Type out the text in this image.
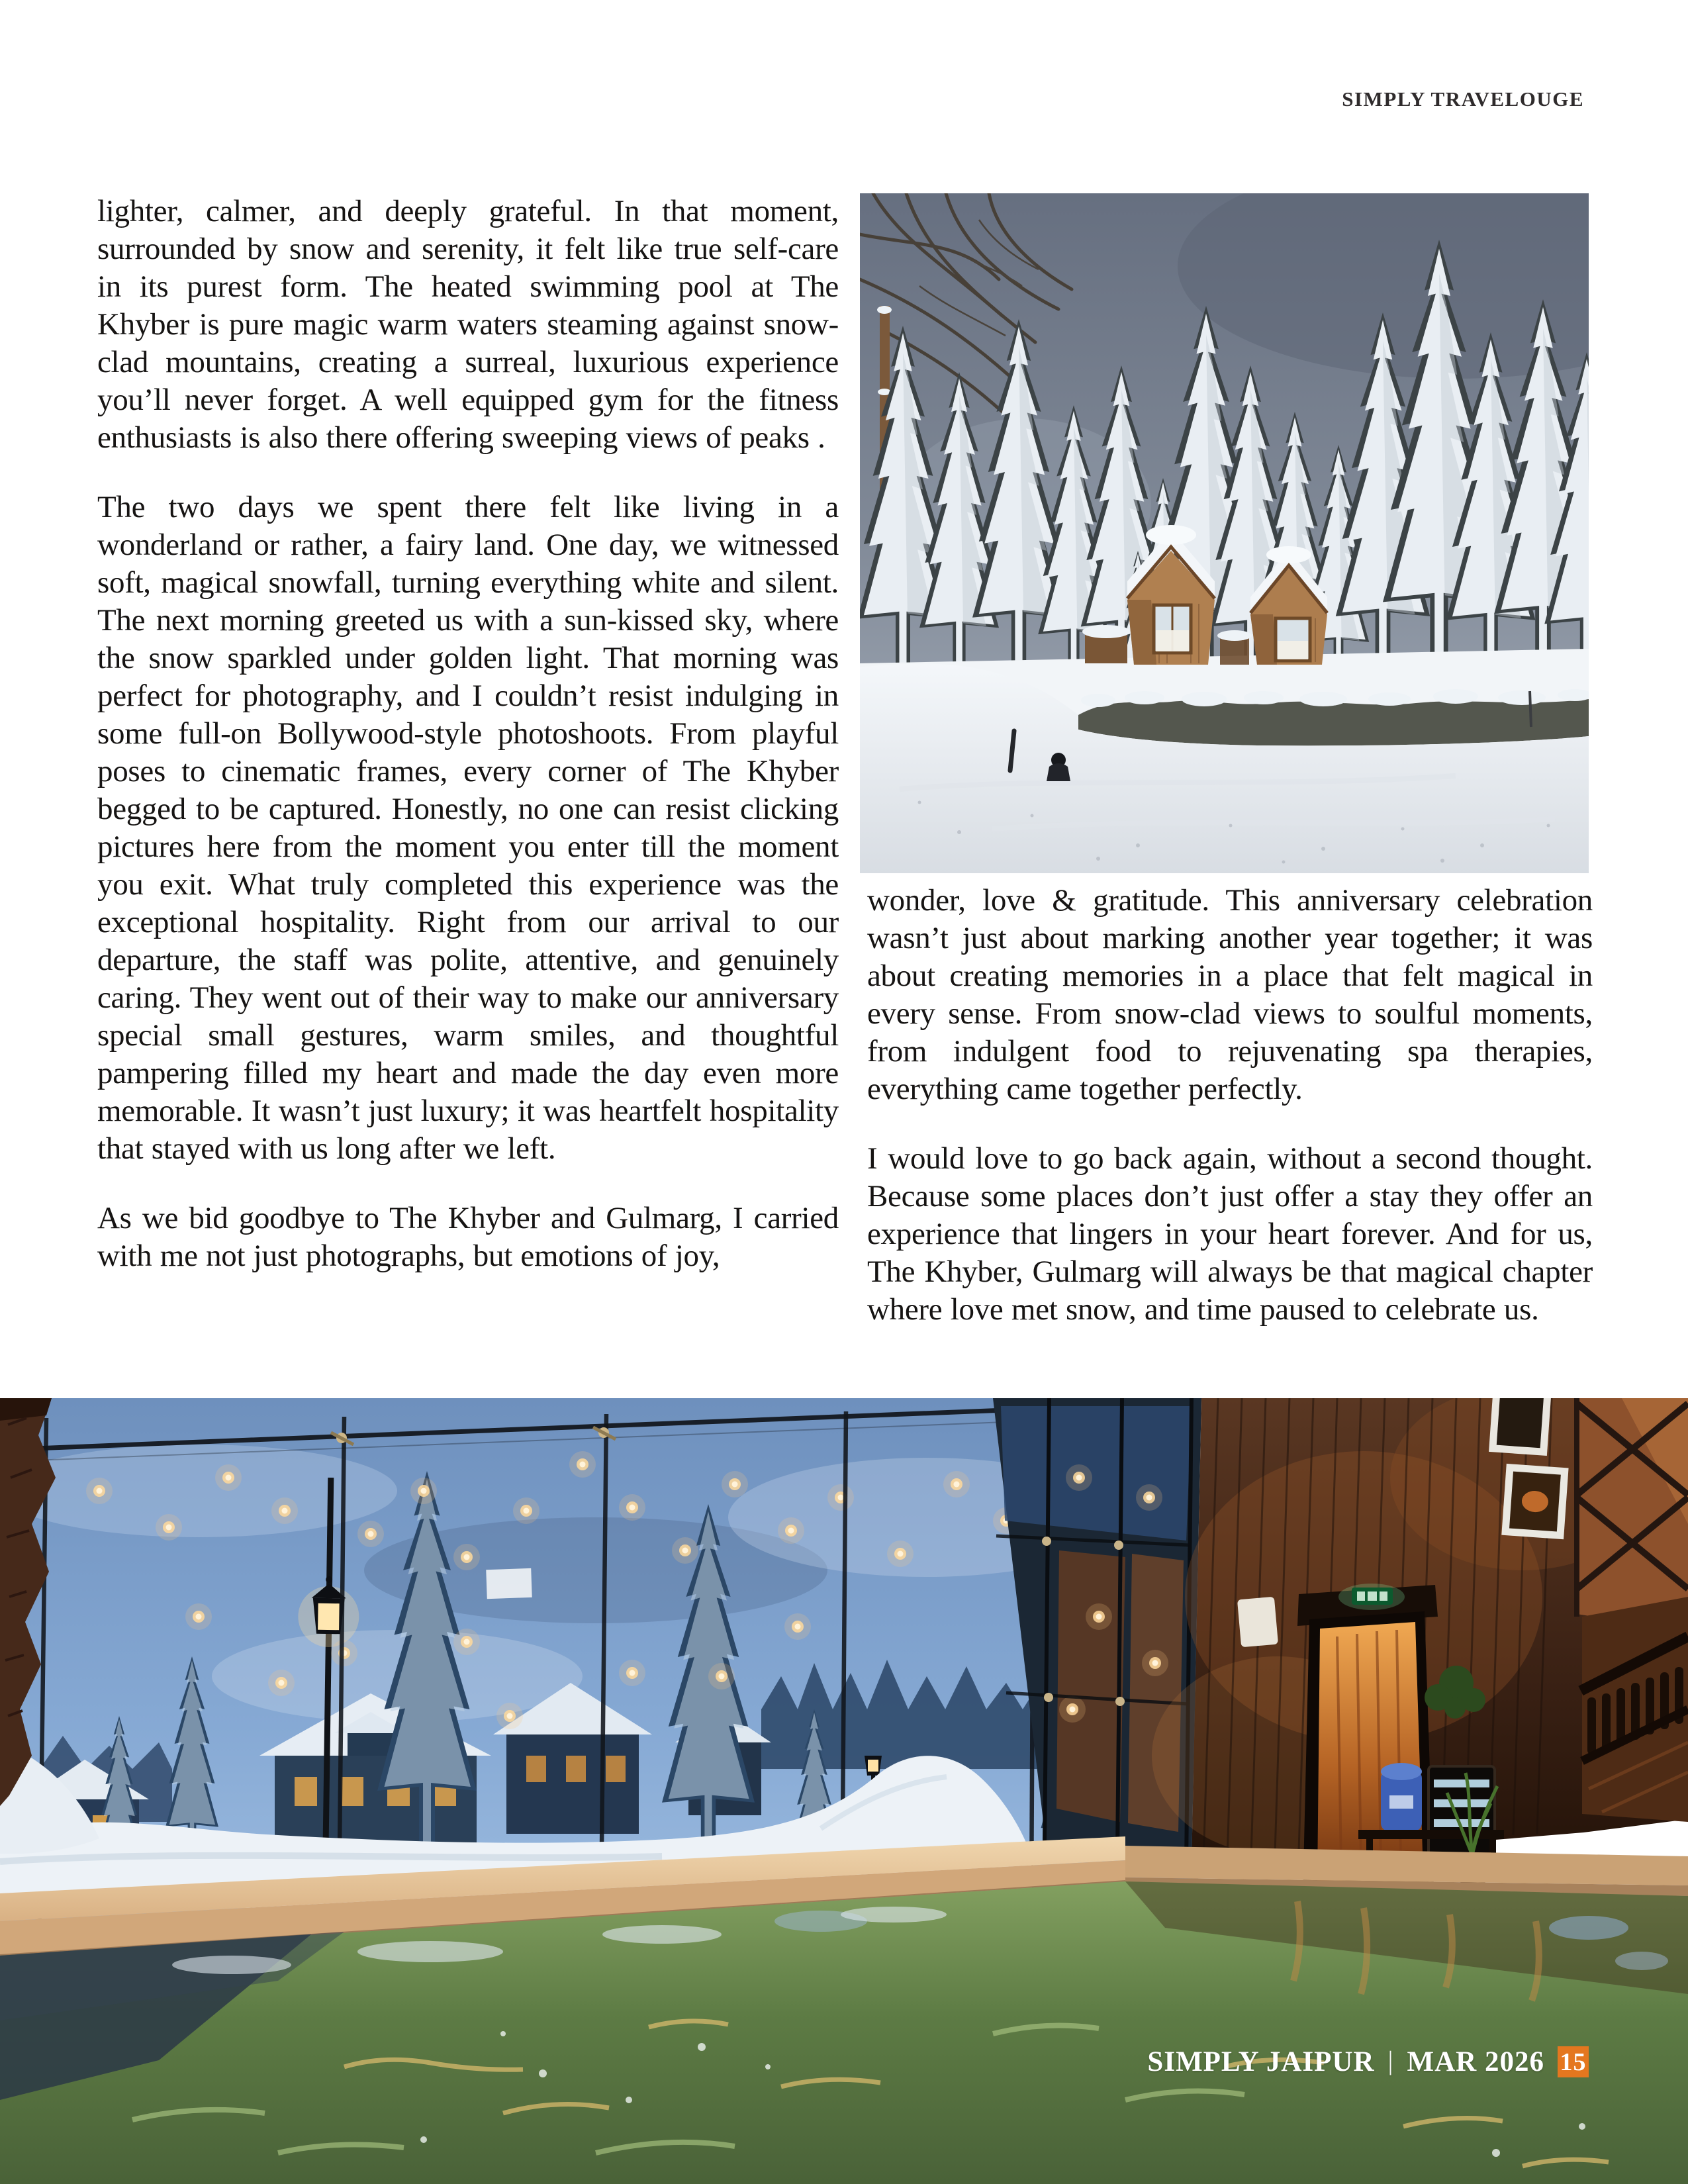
SIMPLY TRAVELOUGE

lighter, calmer, and deeply grateful. In that moment, surrounded by snow and serenity, it felt like true self-care in its purest form. The heated swimming pool at The Khyber is pure magic warm waters steaming against snow-clad mountains, creating a surreal, luxurious experience you’ll never forget. A well equipped gym for the fitness enthusiasts is also there offering sweeping views of peaks .

The two days we spent there felt like living in a wonderland or rather, a fairy land. One day, we witnessed soft, magical snowfall, turning everything white and silent. The next morning greeted us with a sun-kissed sky, where the snow sparkled under golden light. That morning was perfect for photography, and I couldn’t resist indulging in some full-on Bollywood-style photoshoots. From playful poses to cinematic frames, every corner of The Khyber begged to be captured. Honestly, no one can resist clicking pictures here from the moment you enter till the moment you exit. What truly completed this experience was the exceptional hospitality. Right from our arrival to our departure, the staff was polite, attentive, and genuinely caring. They went out of their way to make our anniversary special small gestures, warm smiles, and thoughtful pampering filled my heart and made the day even more memorable. It wasn’t just luxury; it was heartfelt hospitality that stayed with us long after we left.

As we bid goodbye to The Khyber and Gulmarg, I carried with me not just photographs, but emotions of joy,

wonder, love & gratitude. This anniversary celebration wasn’t just about marking another year together; it was about creating memories in a place that felt magical in every sense. From snow-clad views to soulful moments, from indulgent food to rejuvenating spa therapies, everything came together perfectly.

I would love to go back again, without a second thought. Because some places don’t just offer a stay they offer an experience that lingers in your heart forever. And for us, The Khyber, Gulmarg will always be that magical chapter where love met snow, and time paused to celebrate us.

SIMPLY JAIPUR | MAR 2026 15
